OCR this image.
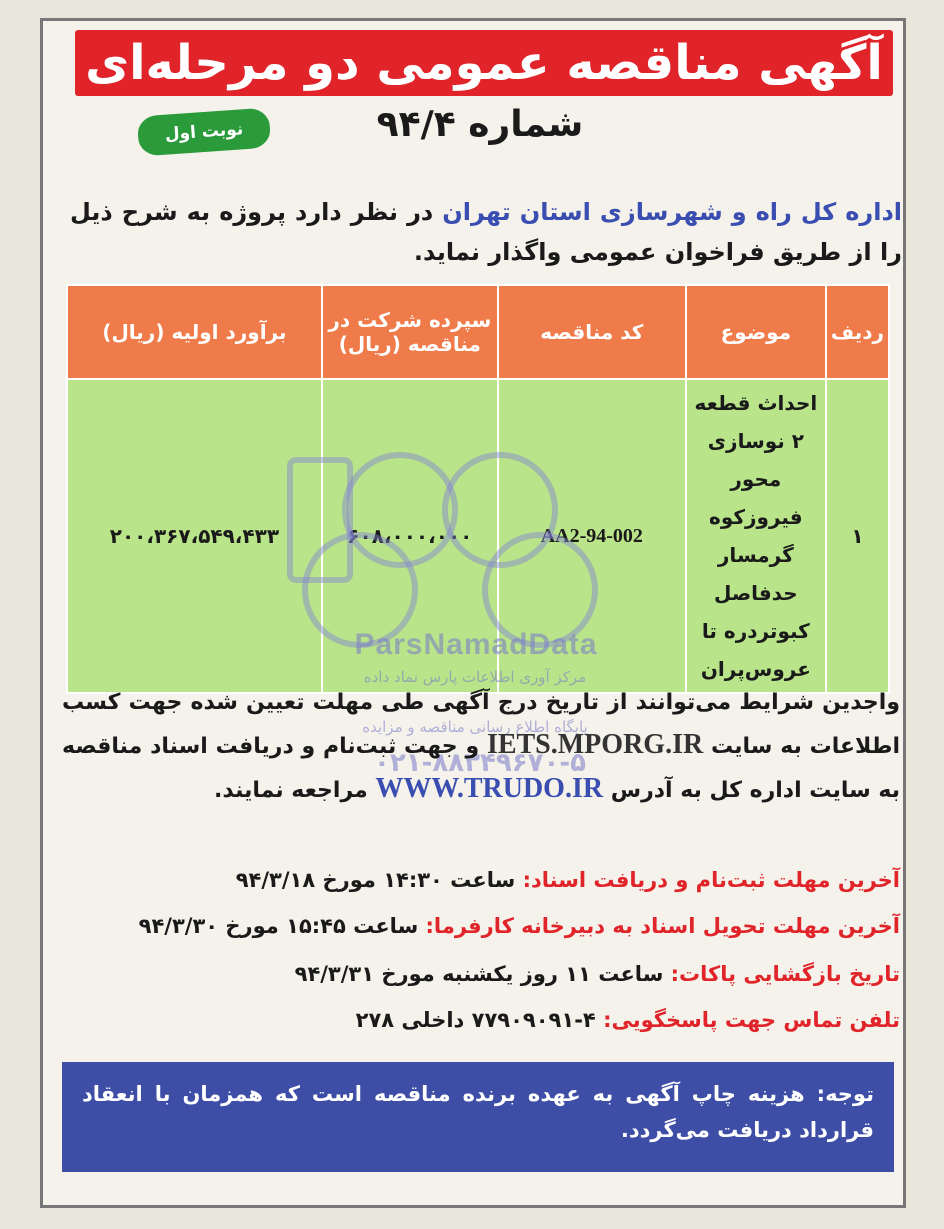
آگهی مناقصه عمومی دو مرحله‌ای
شماره ۹۴/۴
نوبت اول
اداره کل راه و شهرسازی استان تهران در نظر دارد پروژه به شرح ذیل را از طریق فراخوان عمومی واگذار نماید.
ردیف	موضوع	کد مناقصه	سپرده شرکت در مناقصه (ریال)	برآورد اولیه (ریال)
۱	احداث قطعه ۲ نوسازی محور فیروزکوه گرمسار حدفاصل کبوتردره تا عروس‌پران	AA2-94-002	۶۰۸،۰۰۰،۰۰۰	۲۰۰،۳۶۷،۵۴۹،۴۳۳
ParsNamadData
مرکز آوری اطلاعات پارس نماد داده
پایگاه اطلاع رسانی مناقصه و مزایده
۰۲۱-۸۸۳۴۹۶۷۰-۵
واجدین شرایط می‌توانند از تاریخ درج آگهی طی مهلت تعیین شده جهت کسب اطلاعات به سایت IETS.MPORG.IR و جهت ثبت‌نام و دریافت اسناد مناقصه به سایت اداره کل به آدرس WWW.TRUDO.IR مراجعه نمایند.
آخرین مهلت ثبت‌نام و دریافت اسناد: ساعت ۱۴:۳۰ مورخ ۹۴/۳/۱۸
آخرین مهلت تحویل اسناد به دبیرخانه کارفرما: ساعت ۱۵:۴۵ مورخ ۹۴/۳/۳۰
تاریخ بازگشایی پاکات: ساعت ۱۱ روز یکشنبه مورخ ۹۴/۳/۳۱
تلفن تماس جهت پاسخگویی: ۴-۷۷۹۰۹۰۹۱ داخلی ۲۷۸
توجه: هزینه چاپ آگهی به عهده برنده مناقصه است که همزمان با انعقاد قرارداد دریافت می‌گردد.
